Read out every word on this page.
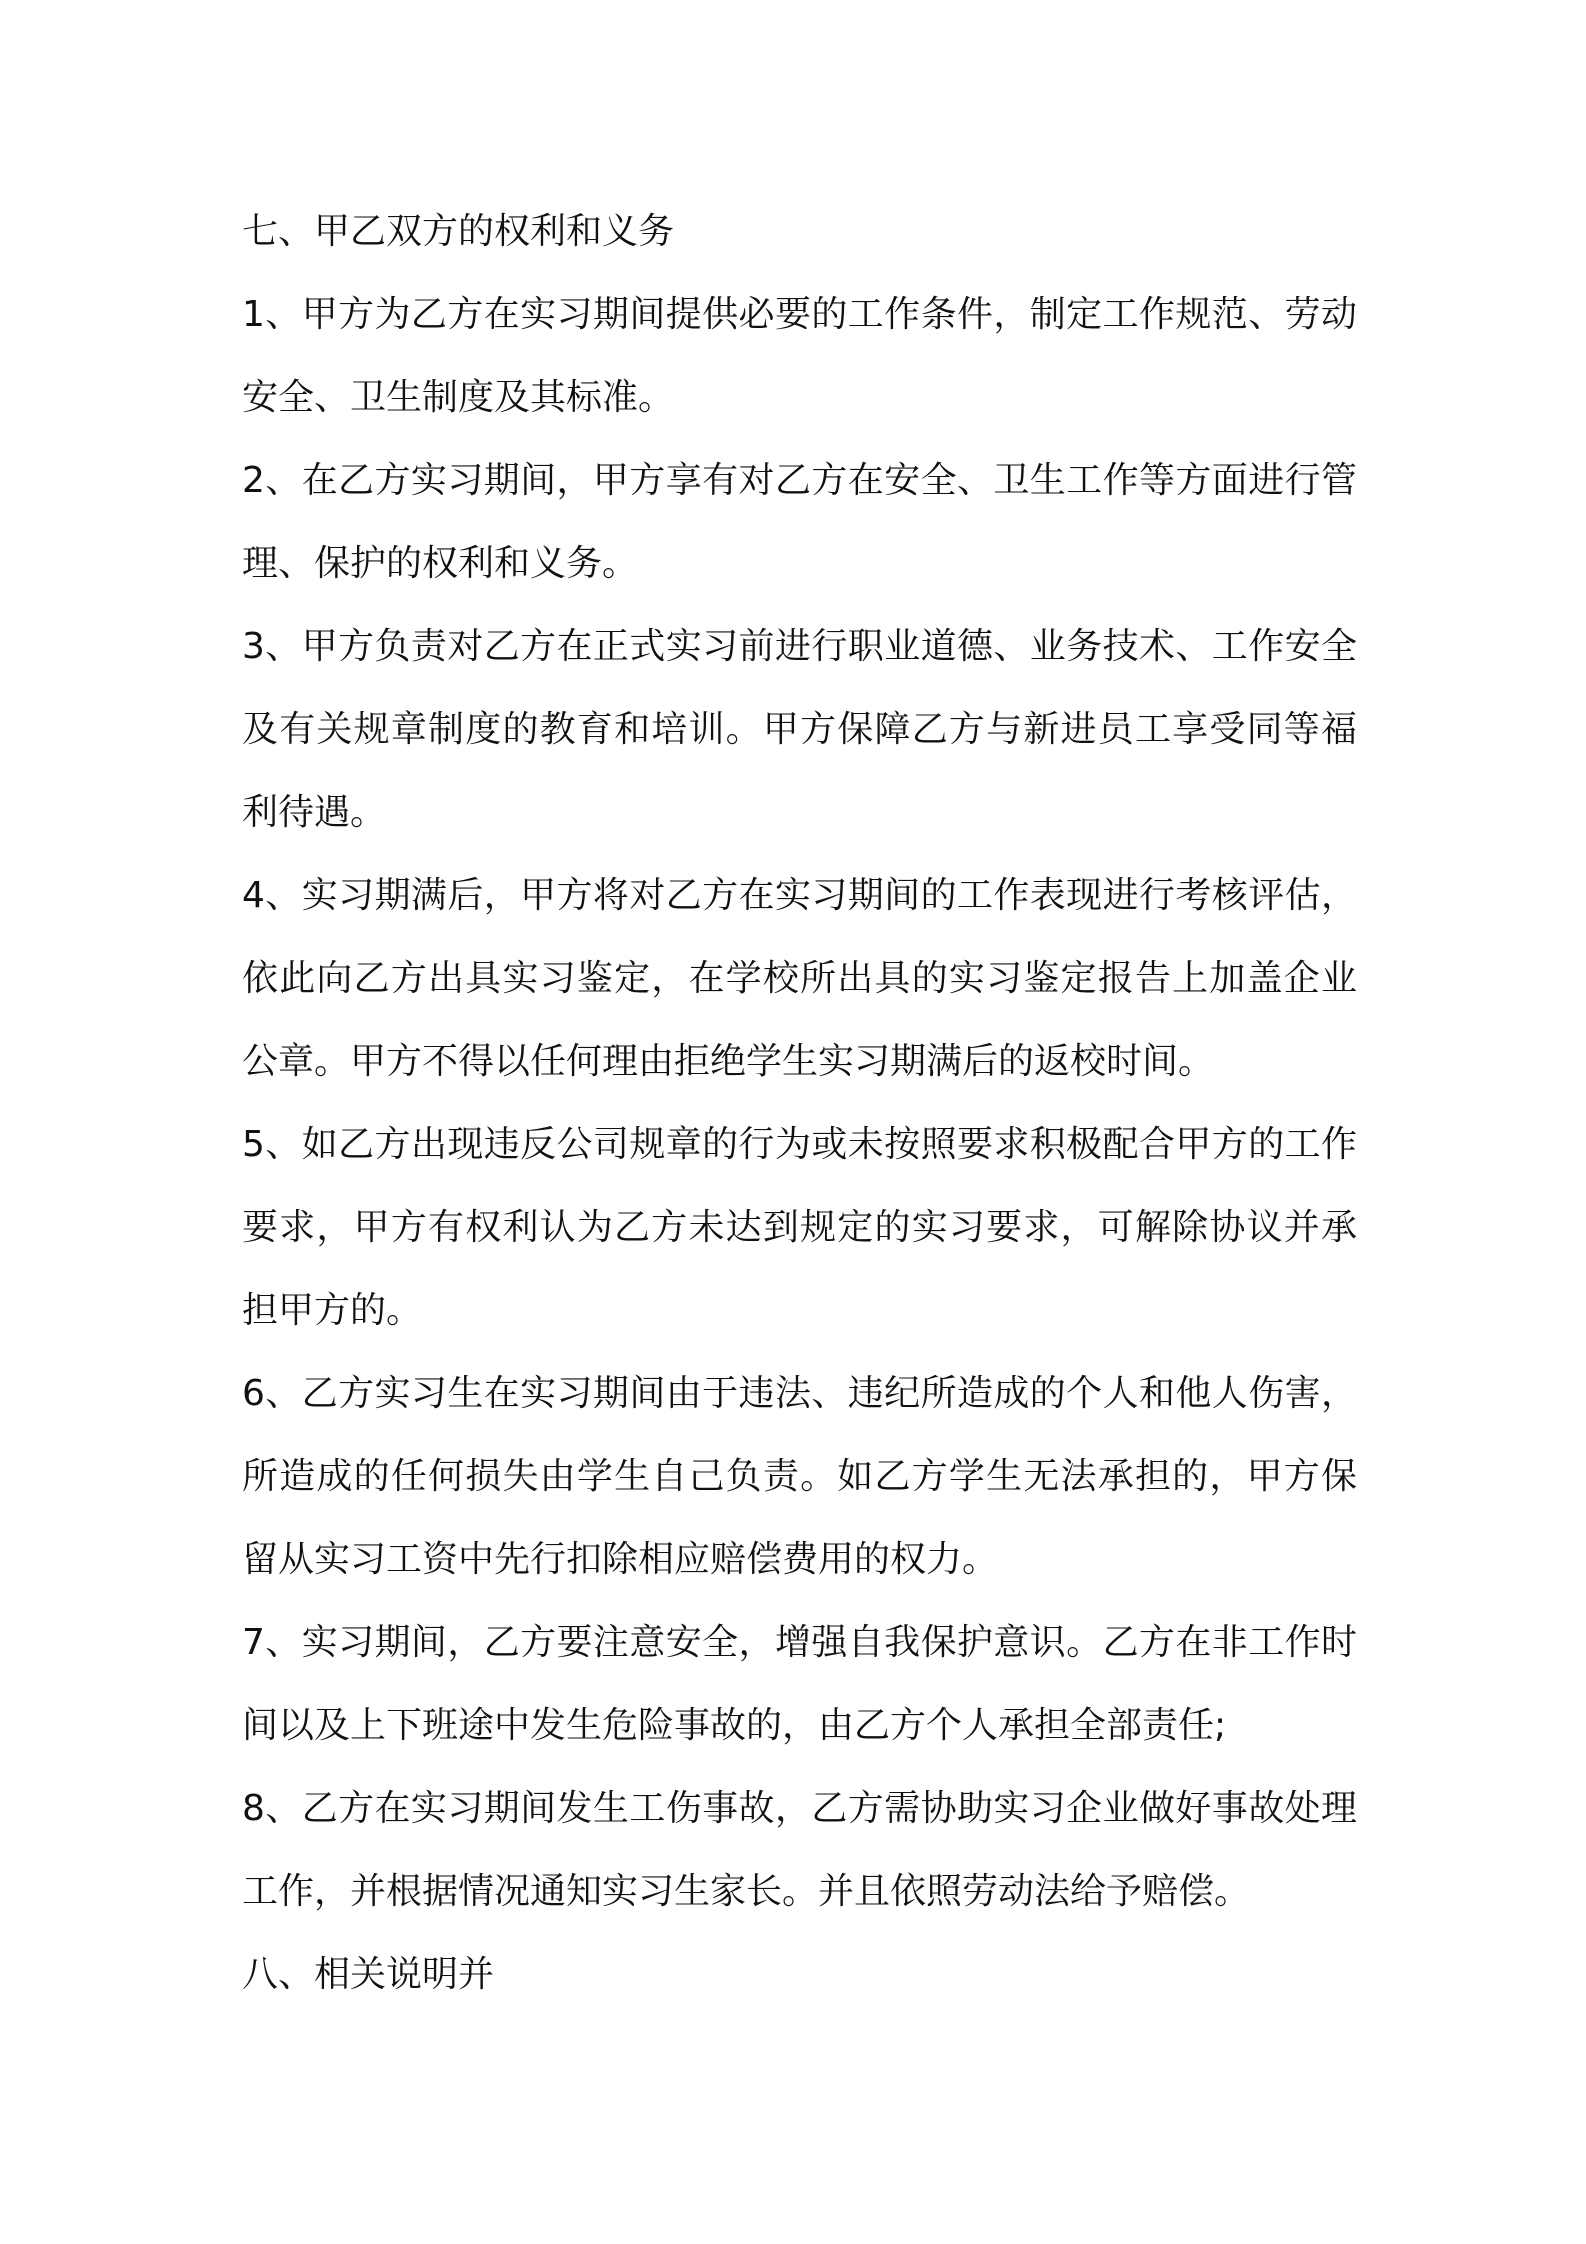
七、甲乙双方的权利和义务

1、甲方为乙方在实习期间提供必要的工作条件，制定工作规范、劳动安全、卫生制度及其标准。

2、在乙方实习期间，甲方享有对乙方在安全、卫生工作等方面进行管理、保护的权利和义务。

3、甲方负责对乙方在正式实习前进行职业道德、业务技术、工作安全及有关规章制度的教育和培训。甲方保障乙方与新进员工享受同等福利待遇。

4、实习期满后，甲方将对乙方在实习期间的工作表现进行考核评估，依此向乙方出具实习鉴定，在学校所出具的实习鉴定报告上加盖企业公章。甲方不得以任何理由拒绝学生实习期满后的返校时间。

5、如乙方出现违反公司规章的行为或未按照要求积极配合甲方的工作要求，甲方有权利认为乙方未达到规定的实习要求，可解除协议并承担甲方的。

6、乙方实习生在实习期间由于违法、违纪所造成的个人和他人伤害，所造成的任何损失由学生自己负责。如乙方学生无法承担的，甲方保留从实习工资中先行扣除相应赔偿费用的权力。

7、实习期间，乙方要注意安全，增强自我保护意识。乙方在非工作时间以及上下班途中发生危险事故的，由乙方个人承担全部责任;

8、乙方在实习期间发生工伤事故，乙方需协助实习企业做好事故处理工作，并根据情况通知实习生家长。并且依照劳动法给予赔偿。

八、相关说明并
